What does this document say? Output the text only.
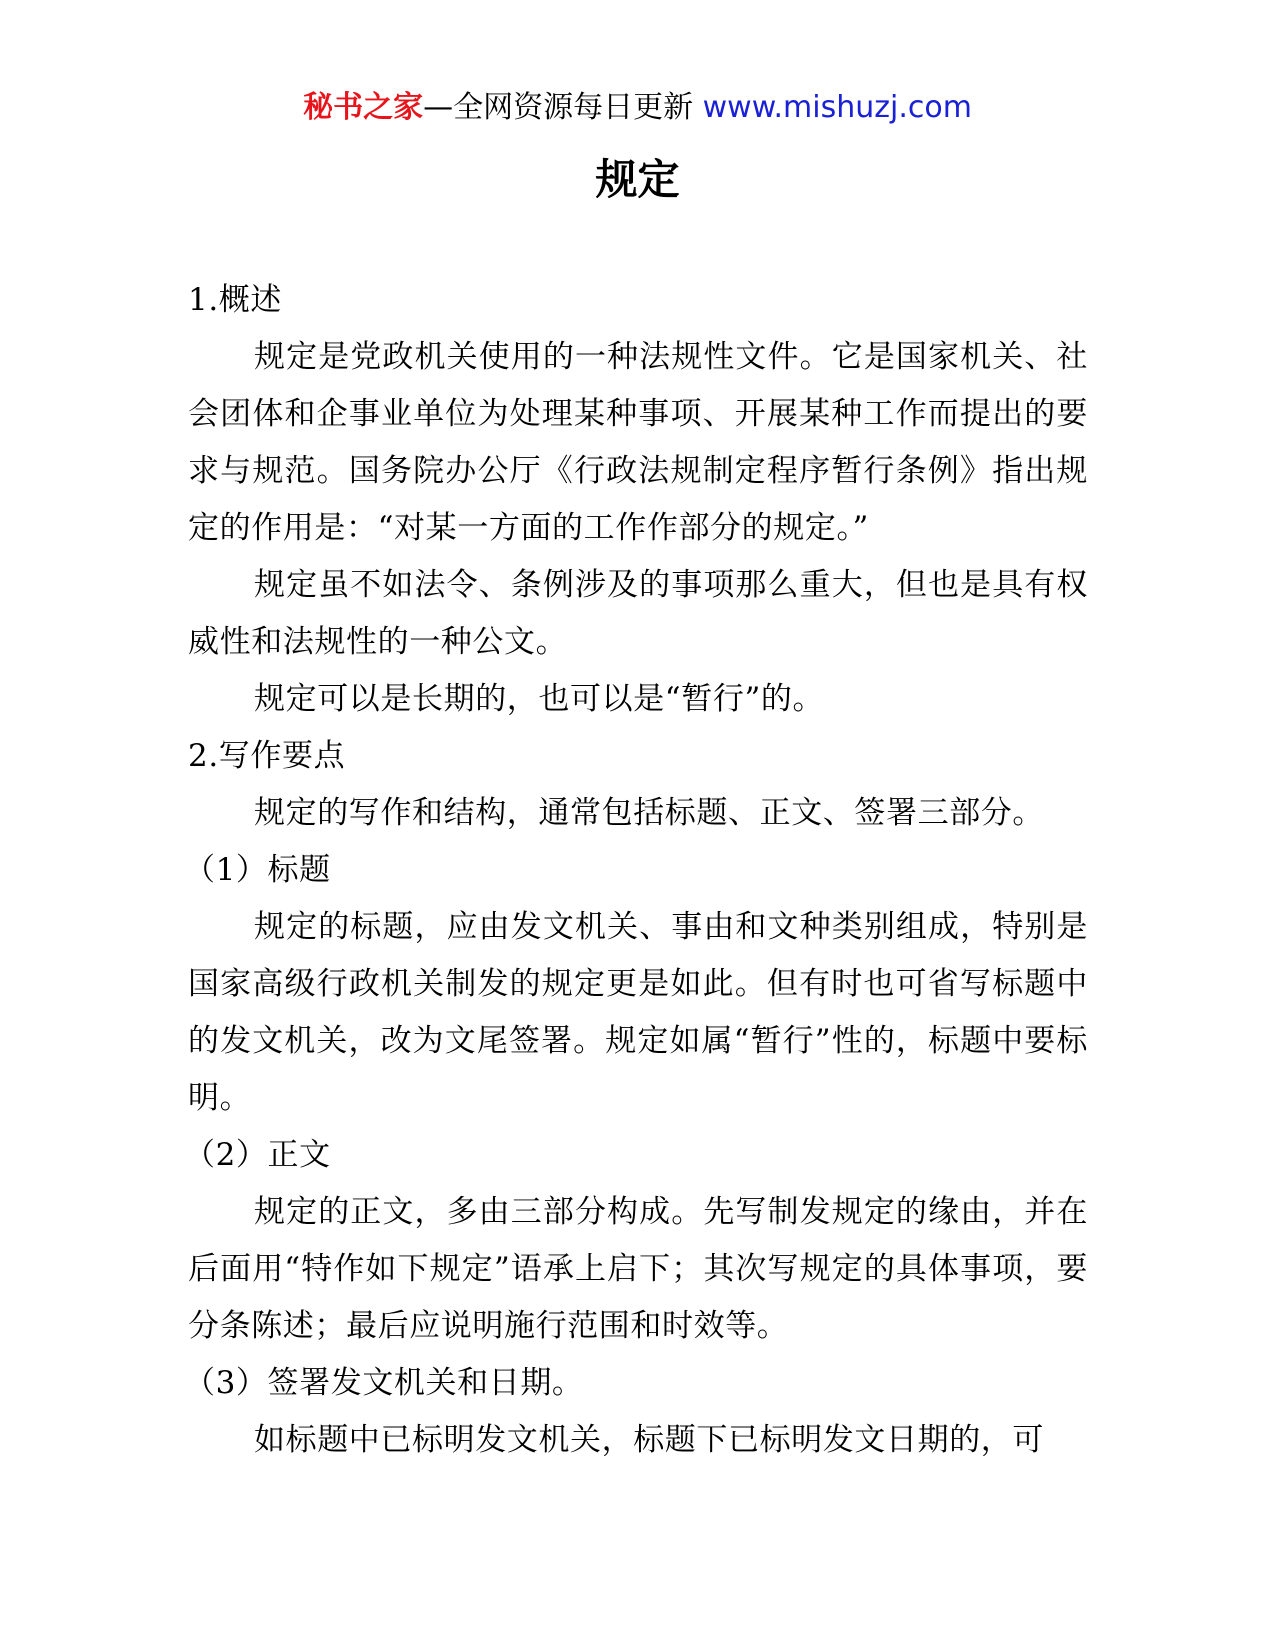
秘书之家—全网资源每日更新 www.mishuzj.com
规定

1.概述

规定是党政机关使用的一种法规性文件。它是国家机关、社会团体和企事业单位为处理某种事项、开展某种工作而提出的要求与规范。国务院办公厅《行政法规制定程序暂行条例》指出规定的作用是：“对某一方面的工作作部分的规定。”

规定虽不如法令、条例涉及的事项那么重大，但也是具有权威性和法规性的一种公文。

规定可以是长期的，也可以是“暂行”的。

2.写作要点

规定的写作和结构，通常包括标题、正文、签署三部分。

（1）标题

规定的标题，应由发文机关、事由和文种类别组成，特别是国家高级行政机关制发的规定更是如此。但有时也可省写标题中的发文机关，改为文尾签署。规定如属“暂行”性的，标题中要标明。

（2）正文

规定的正文，多由三部分构成。先写制发规定的缘由，并在后面用“特作如下规定”语承上启下；其次写规定的具体事项，要分条陈述；最后应说明施行范围和时效等。

（3）签署发文机关和日期。

如标题中已标明发文机关，标题下已标明发文日期的，可
